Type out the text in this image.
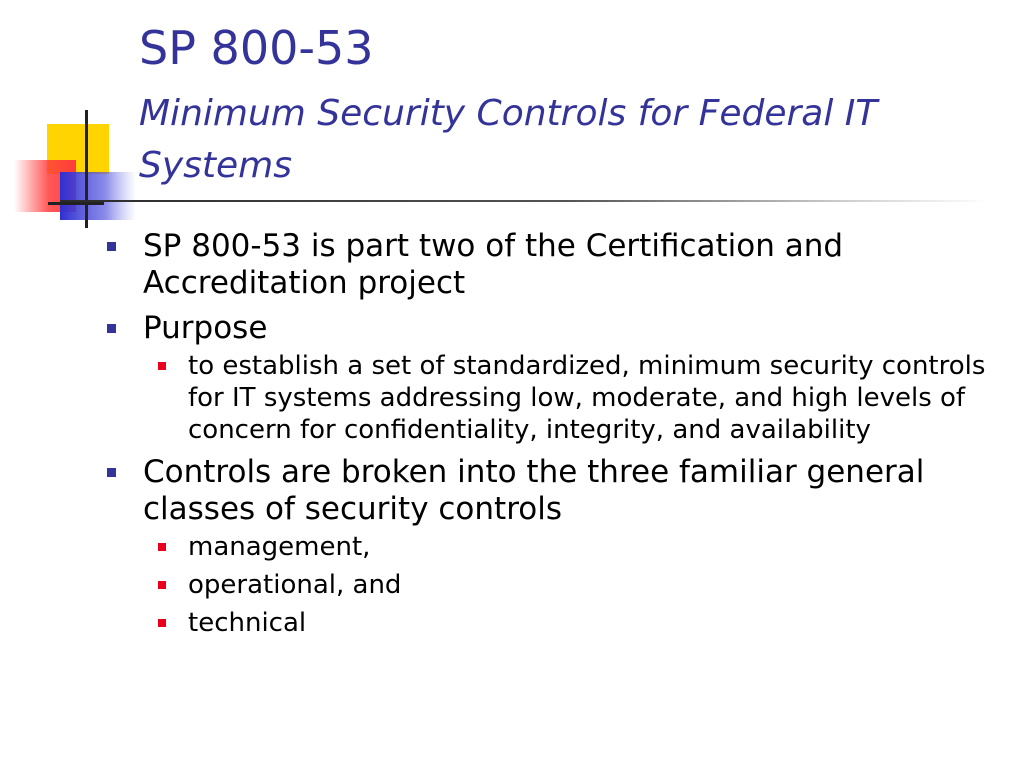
SP 800-53
Minimum Security Controls for Federal IT Systems
SP 800-53 is part two of the Certification and Accreditation project
Purpose
to establish a set of standardized, minimum security controls for IT systems addressing low, moderate, and high levels of concern for confidentiality, integrity, and availability
Controls are broken into the three familiar general classes of security controls
management,
operational, and
technical
